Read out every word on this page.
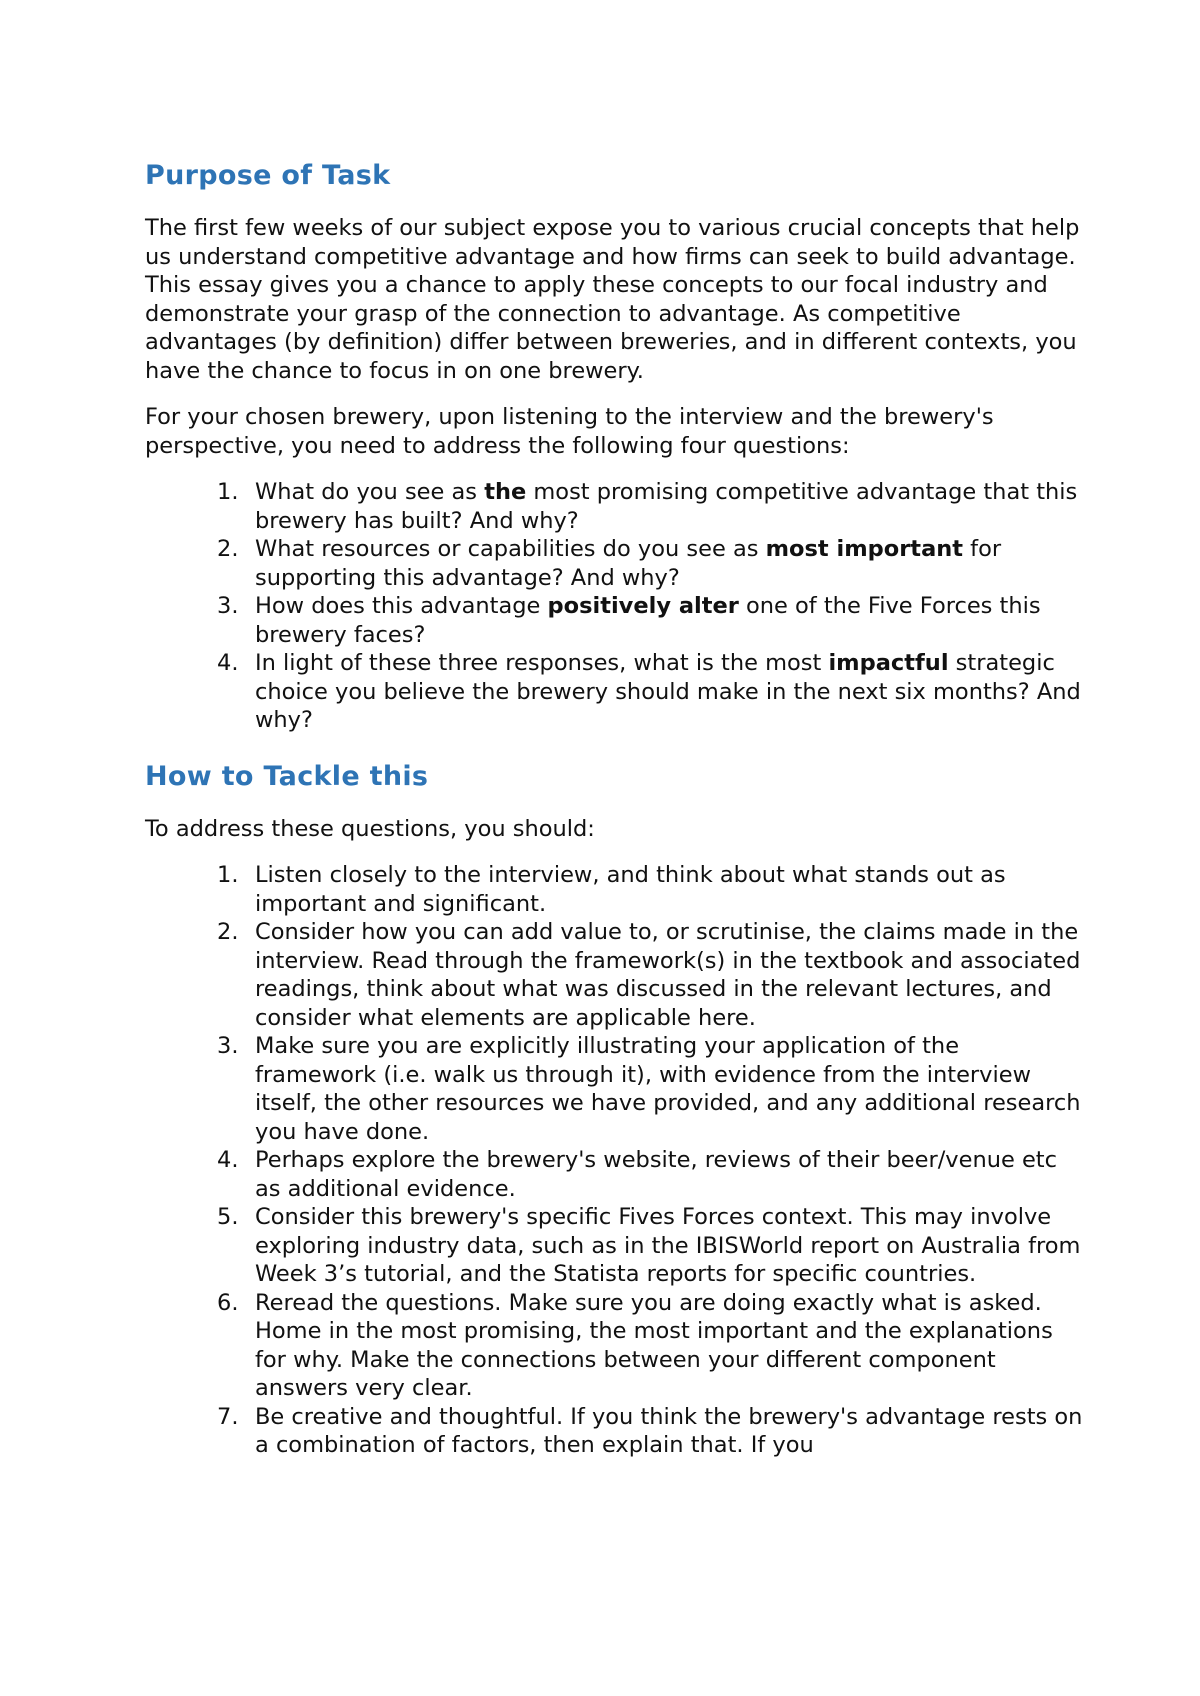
Purpose of Task

The first few weeks of our subject expose you to various crucial concepts that help us understand competitive advantage and how firms can seek to build advantage. This essay gives you a chance to apply these concepts to our focal industry and demonstrate your grasp of the connection to advantage. As competitive advantages (by definition) differ between breweries, and in different contexts, you have the chance to focus in on one brewery.

For your chosen brewery, upon listening to the interview and the brewery's perspective, you need to address the following four questions:

1. What do you see as the most promising competitive advantage that this brewery has built? And why?
2. What resources or capabilities do you see as most important for supporting this advantage? And why?
3. How does this advantage positively alter one of the Five Forces this brewery faces?
4. In light of these three responses, what is the most impactful strategic choice you believe the brewery should make in the next six months? And why?
How to Tackle this

To address these questions, you should:

1. Listen closely to the interview, and think about what stands out as important and significant.
2. Consider how you can add value to, or scrutinise, the claims made in the interview. Read through the framework(s) in the textbook and associated readings, think about what was discussed in the relevant lectures, and consider what elements are applicable here.
3. Make sure you are explicitly illustrating your application of the framework (i.e. walk us through it), with evidence from the interview itself, the other resources we have provided, and any additional research you have done.
4. Perhaps explore the brewery's website, reviews of their beer/venue etc as additional evidence.
5. Consider this brewery's specific Fives Forces context. This may involve exploring industry data, such as in the IBISWorld report on Australia from Week 3’s tutorial, and the Statista reports for specific countries.
6. Reread the questions. Make sure you are doing exactly what is asked. Home in the most promising, the most important and the explanations for why. Make the connections between your different component answers very clear.
7. Be creative and thoughtful. If you think the brewery's advantage rests on a combination of factors, then explain that. If you
